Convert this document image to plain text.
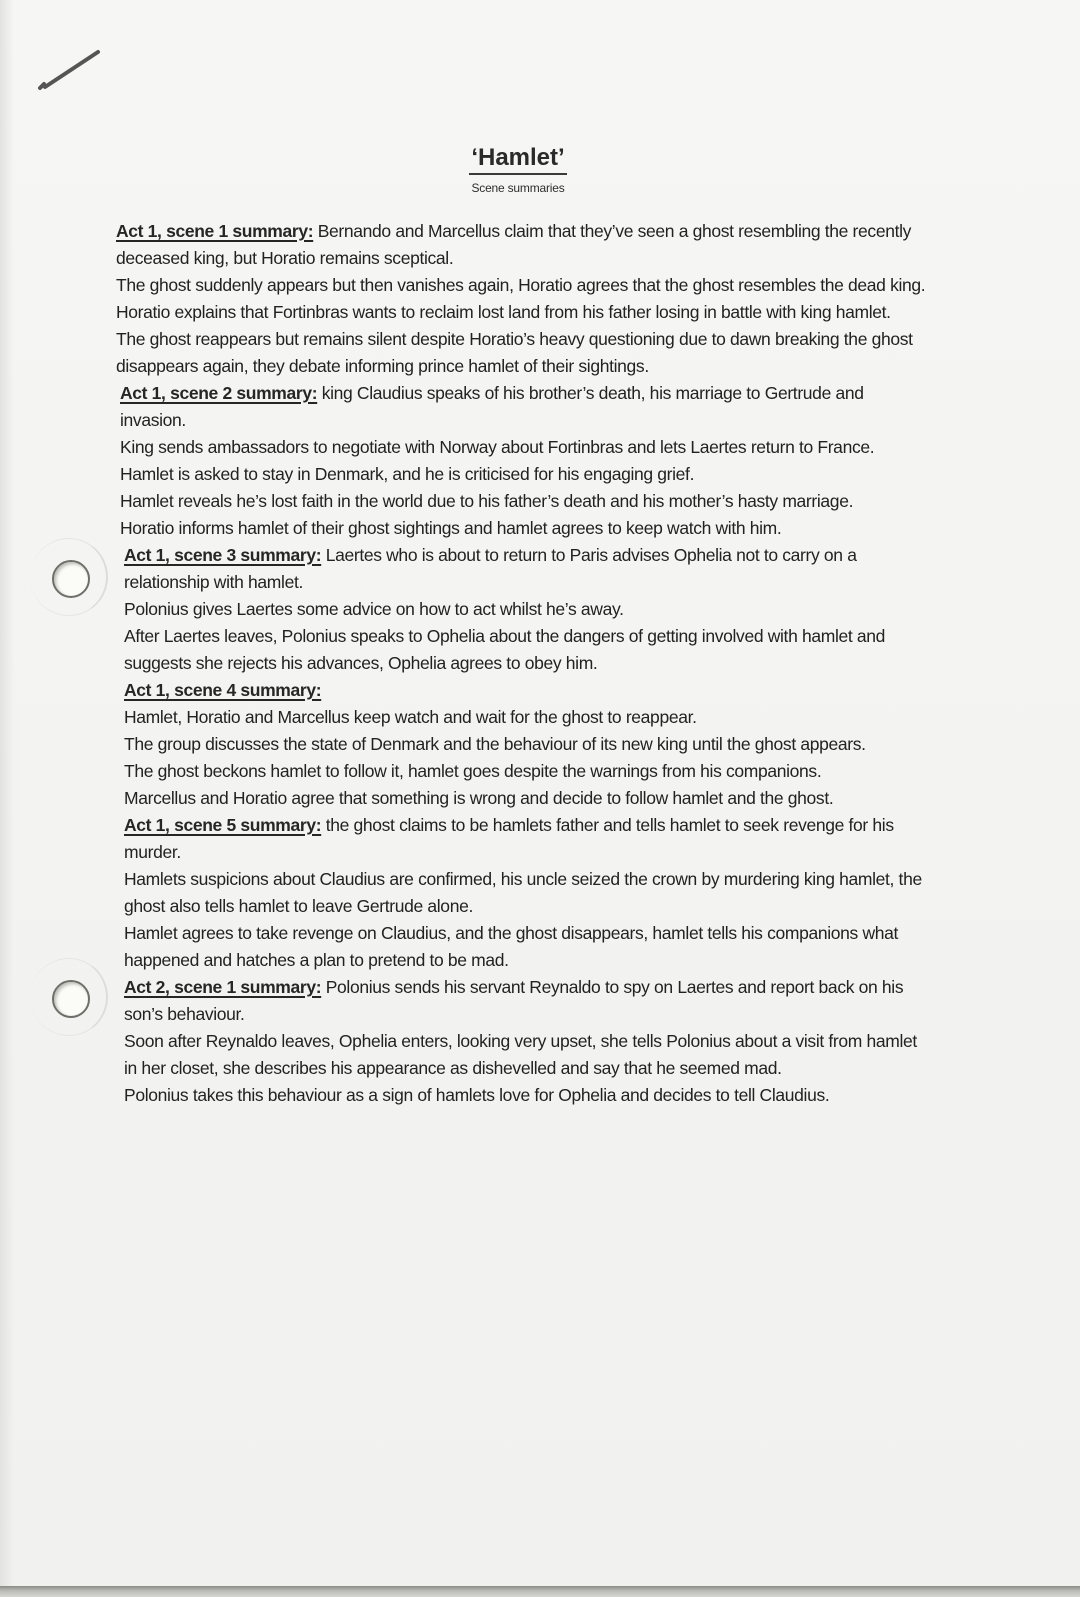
‘Hamlet’
Scene summaries

Act 1, scene 1 summary: Bernando and Marcellus claim that they’ve seen a ghost resembling the recently deceased king, but Horatio remains sceptical.

The ghost suddenly appears but then vanishes again, Horatio agrees that the ghost resembles the dead king.

Horatio explains that Fortinbras wants to reclaim lost land from his father losing in battle with king hamlet.

The ghost reappears but remains silent despite Horatio’s heavy questioning due to dawn breaking the ghost disappears again, they debate informing prince hamlet of their sightings.

Act 1, scene 2 summary: king Claudius speaks of his brother’s death, his marriage to Gertrude and invasion.

King sends ambassadors to negotiate with Norway about Fortinbras and lets Laertes return to France.

Hamlet is asked to stay in Denmark, and he is criticised for his engaging grief.

Hamlet reveals he’s lost faith in the world due to his father’s death and his mother’s hasty marriage.

Horatio informs hamlet of their ghost sightings and hamlet agrees to keep watch with him.

Act 1, scene 3 summary: Laertes who is about to return to Paris advises Ophelia not to carry on a relationship with hamlet.

Polonius gives Laertes some advice on how to act whilst he’s away.

After Laertes leaves, Polonius speaks to Ophelia about the dangers of getting involved with hamlet and suggests she rejects his advances, Ophelia agrees to obey him.

Act 1, scene 4 summary:

Hamlet, Horatio and Marcellus keep watch and wait for the ghost to reappear.

The group discusses the state of Denmark and the behaviour of its new king until the ghost appears.

The ghost beckons hamlet to follow it, hamlet goes despite the warnings from his companions.

Marcellus and Horatio agree that something is wrong and decide to follow hamlet and the ghost.

Act 1, scene 5 summary: the ghost claims to be hamlets father and tells hamlet to seek revenge for his murder.

Hamlets suspicions about Claudius are confirmed, his uncle seized the crown by murdering king hamlet, the ghost also tells hamlet to leave Gertrude alone.

Hamlet agrees to take revenge on Claudius, and the ghost disappears, hamlet tells his companions what happened and hatches a plan to pretend to be mad.

Act 2, scene 1 summary: Polonius sends his servant Reynaldo to spy on Laertes and report back on his son’s behaviour.

Soon after Reynaldo leaves, Ophelia enters, looking very upset, she tells Polonius about a visit from hamlet in her closet, she describes his appearance as dishevelled and say that he seemed mad.

Polonius takes this behaviour as a sign of hamlets love for Ophelia and decides to tell Claudius.
